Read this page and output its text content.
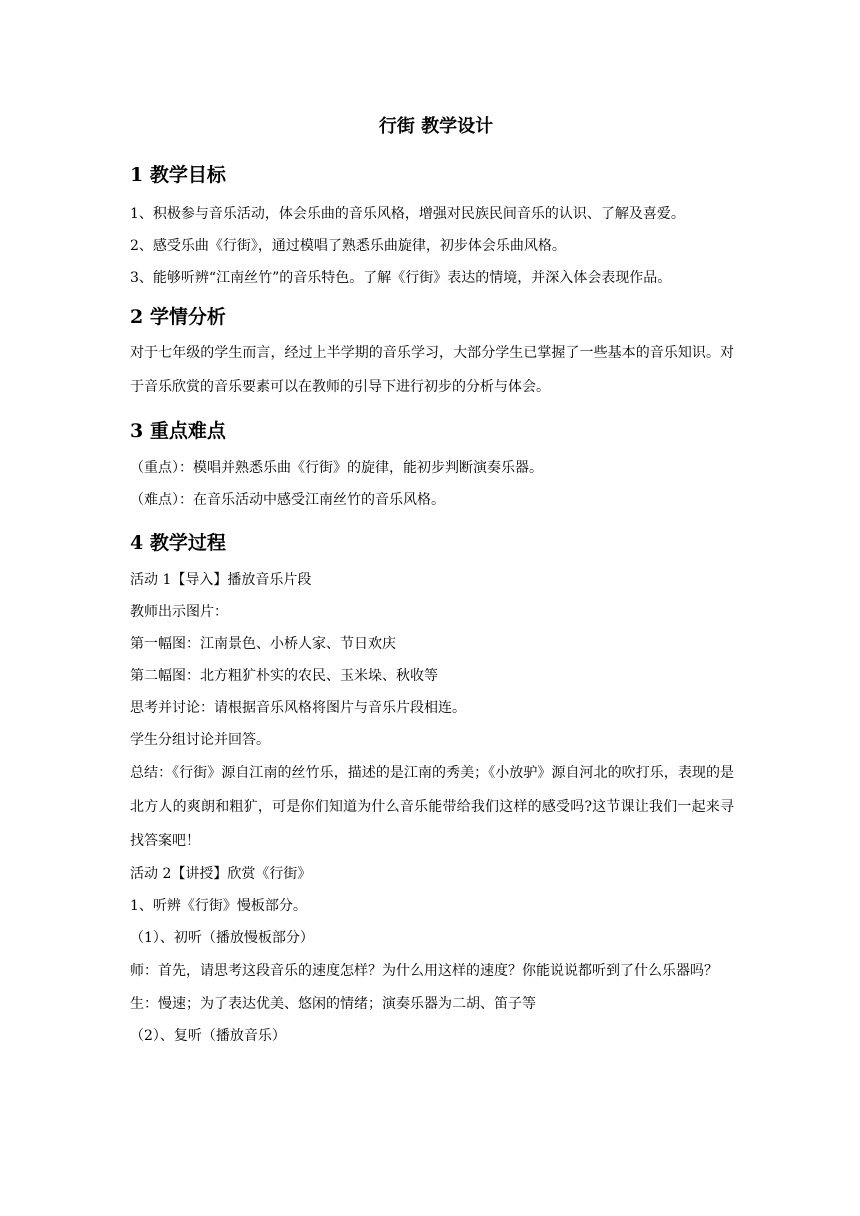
行街 教学设计
1 教学目标

1、积极参与音乐活动，体会乐曲的音乐风格，增强对民族民间音乐的认识、了解及喜爱。

2、感受乐曲《行街》，通过模唱了熟悉乐曲旋律，初步体会乐曲风格。

3、能够听辨“江南丝竹”的音乐特色。了解《行街》表达的情境，并深入体会表现作品。

2 学情分析

对于七年级的学生而言，经过上半学期的音乐学习，大部分学生已掌握了一些基本的音乐知识。对于音乐欣赏的音乐要素可以在教师的引导下进行初步的分析与体会。

3 重点难点

（重点）：模唱并熟悉乐曲《行街》的旋律，能初步判断演奏乐器。

（难点）：在音乐活动中感受江南丝竹的音乐风格。

4 教学过程

活动 1【导入】播放音乐片段

教师出示图片：

第一幅图：江南景色、小桥人家、节日欢庆

第二幅图：北方粗犷朴实的农民、玉米垛、秋收等

思考并讨论：请根据音乐风格将图片与音乐片段相连。

学生分组讨论并回答。

总结：《行街》源自江南的丝竹乐，描述的是江南的秀美；《小放驴》源自河北的吹打乐，表现的是北方人的爽朗和粗犷，可是你们知道为什么音乐能带给我们这样的感受吗?这节课让我们一起来寻找答案吧！

活动 2【讲授】欣赏《行街》

1、听辨《行街》慢板部分。

（1）、初听（播放慢板部分）

师：首先，请思考这段音乐的速度怎样？为什么用这样的速度？你能说说都听到了什么乐器吗？

生：慢速；为了表达优美、悠闲的情绪；演奏乐器为二胡、笛子等

（2）、复听（播放音乐）
